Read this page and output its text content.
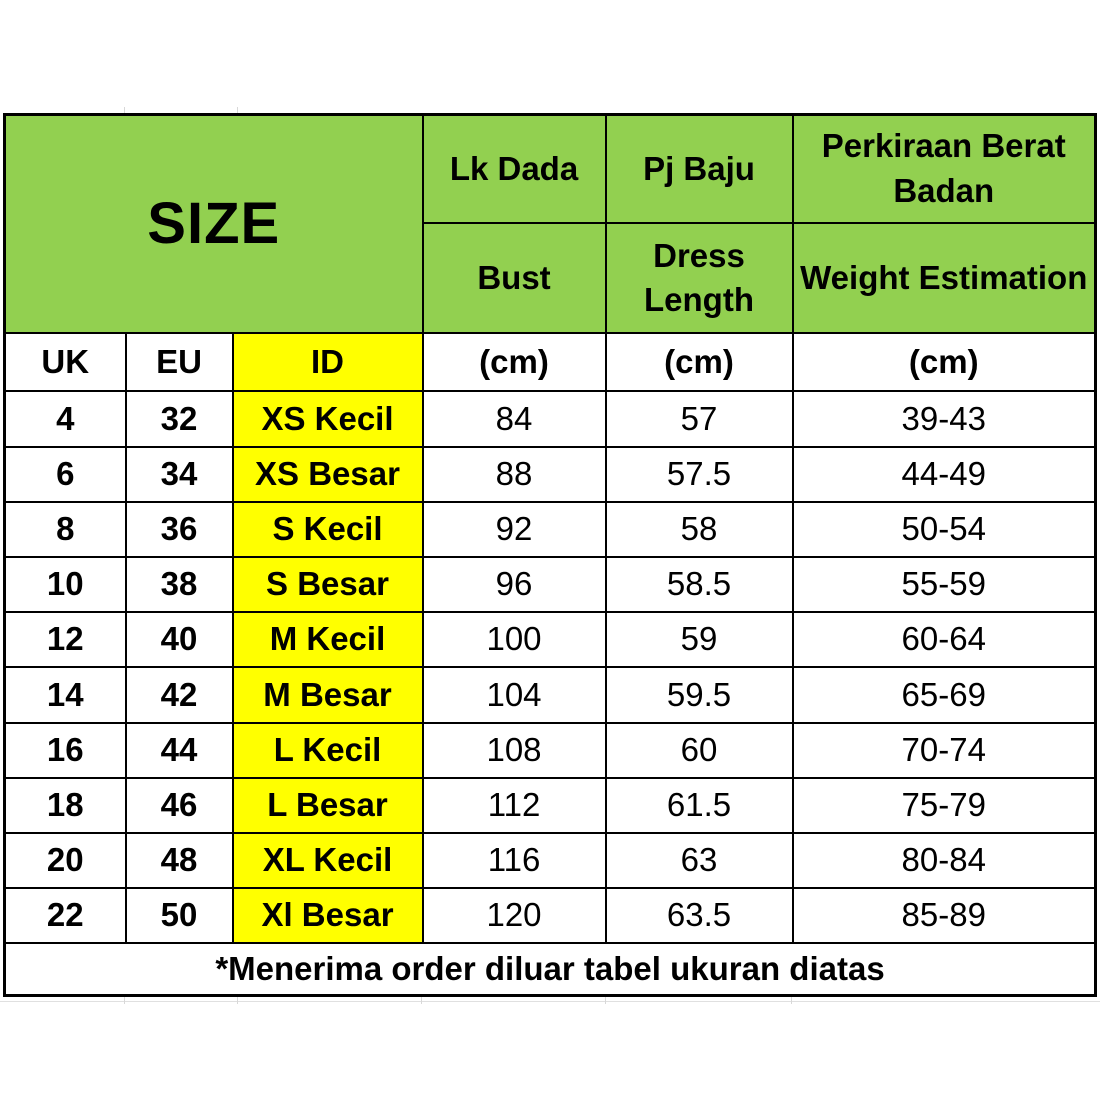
SIZE			Lk Dada	Pj Baju	Perkiraan Berat Badan
			Bust	Dress Length	Weight Estimation
UK	EU	ID	(cm)	(cm)	(cm)
4	32	XS Kecil	84	57	39-43
6	34	XS Besar	88	57.5	44-49
8	36	S Kecil	92	58	50-54
10	38	S Besar	96	58.5	55-59
12	40	M Kecil	100	59	60-64
14	42	M Besar	104	59.5	65-69
16	44	L Kecil	108	60	70-74
18	46	L Besar	112	61.5	75-79
20	48	XL Kecil	116	63	80-84
22	50	Xl Besar	120	63.5	85-89
*Menerima order diluar tabel ukuran diatas					
